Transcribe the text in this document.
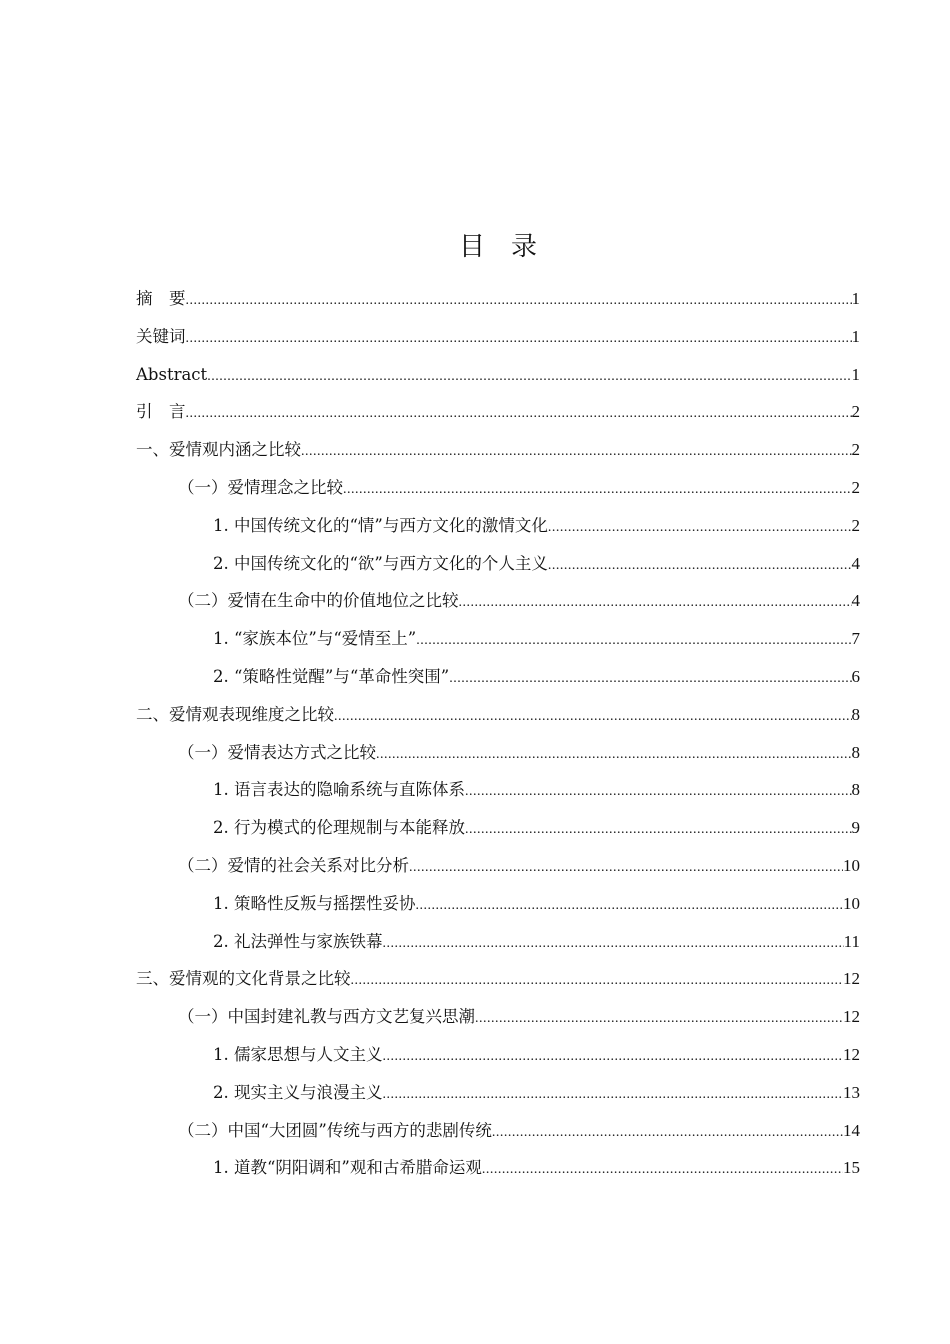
目　录
摘　要 .....	1
关键词 .....	1
Abstract .....	1
引　言 .....	2
一、爱情观内涵之比较 .....	2
（一）爱情理念之比较 .....	2
1. 中国传统文化的“情”与西方文化的激情文化 .....	2
2. 中国传统文化的“欲”与西方文化的个人主义 .....	4
（二）爱情在生命中的价值地位之比较 .....	4
1. “家族本位”与“爱情至上” .....	7
2. “策略性觉醒”与“革命性突围” .....	6
二、爱情观表现维度之比较 .....	8
（一）爱情表达方式之比较 .....	8
1. 语言表达的隐喻系统与直陈体系 .....	8
2. 行为模式的伦理规制与本能释放 .....	9
（二）爱情的社会关系对比分析 .....	10
1. 策略性反叛与摇摆性妥协 .....	10
2. 礼法弹性与家族铁幕 .....	11
三、爱情观的文化背景之比较 .....	12
（一）中国封建礼教与西方文艺复兴思潮 .....	12
1. 儒家思想与人文主义 .....	12
2. 现实主义与浪漫主义 .....	13
（二）中国“大团圆”传统与西方的悲剧传统 .....	14
1. 道教“阴阳调和”观和古希腊命运观 .....	15
